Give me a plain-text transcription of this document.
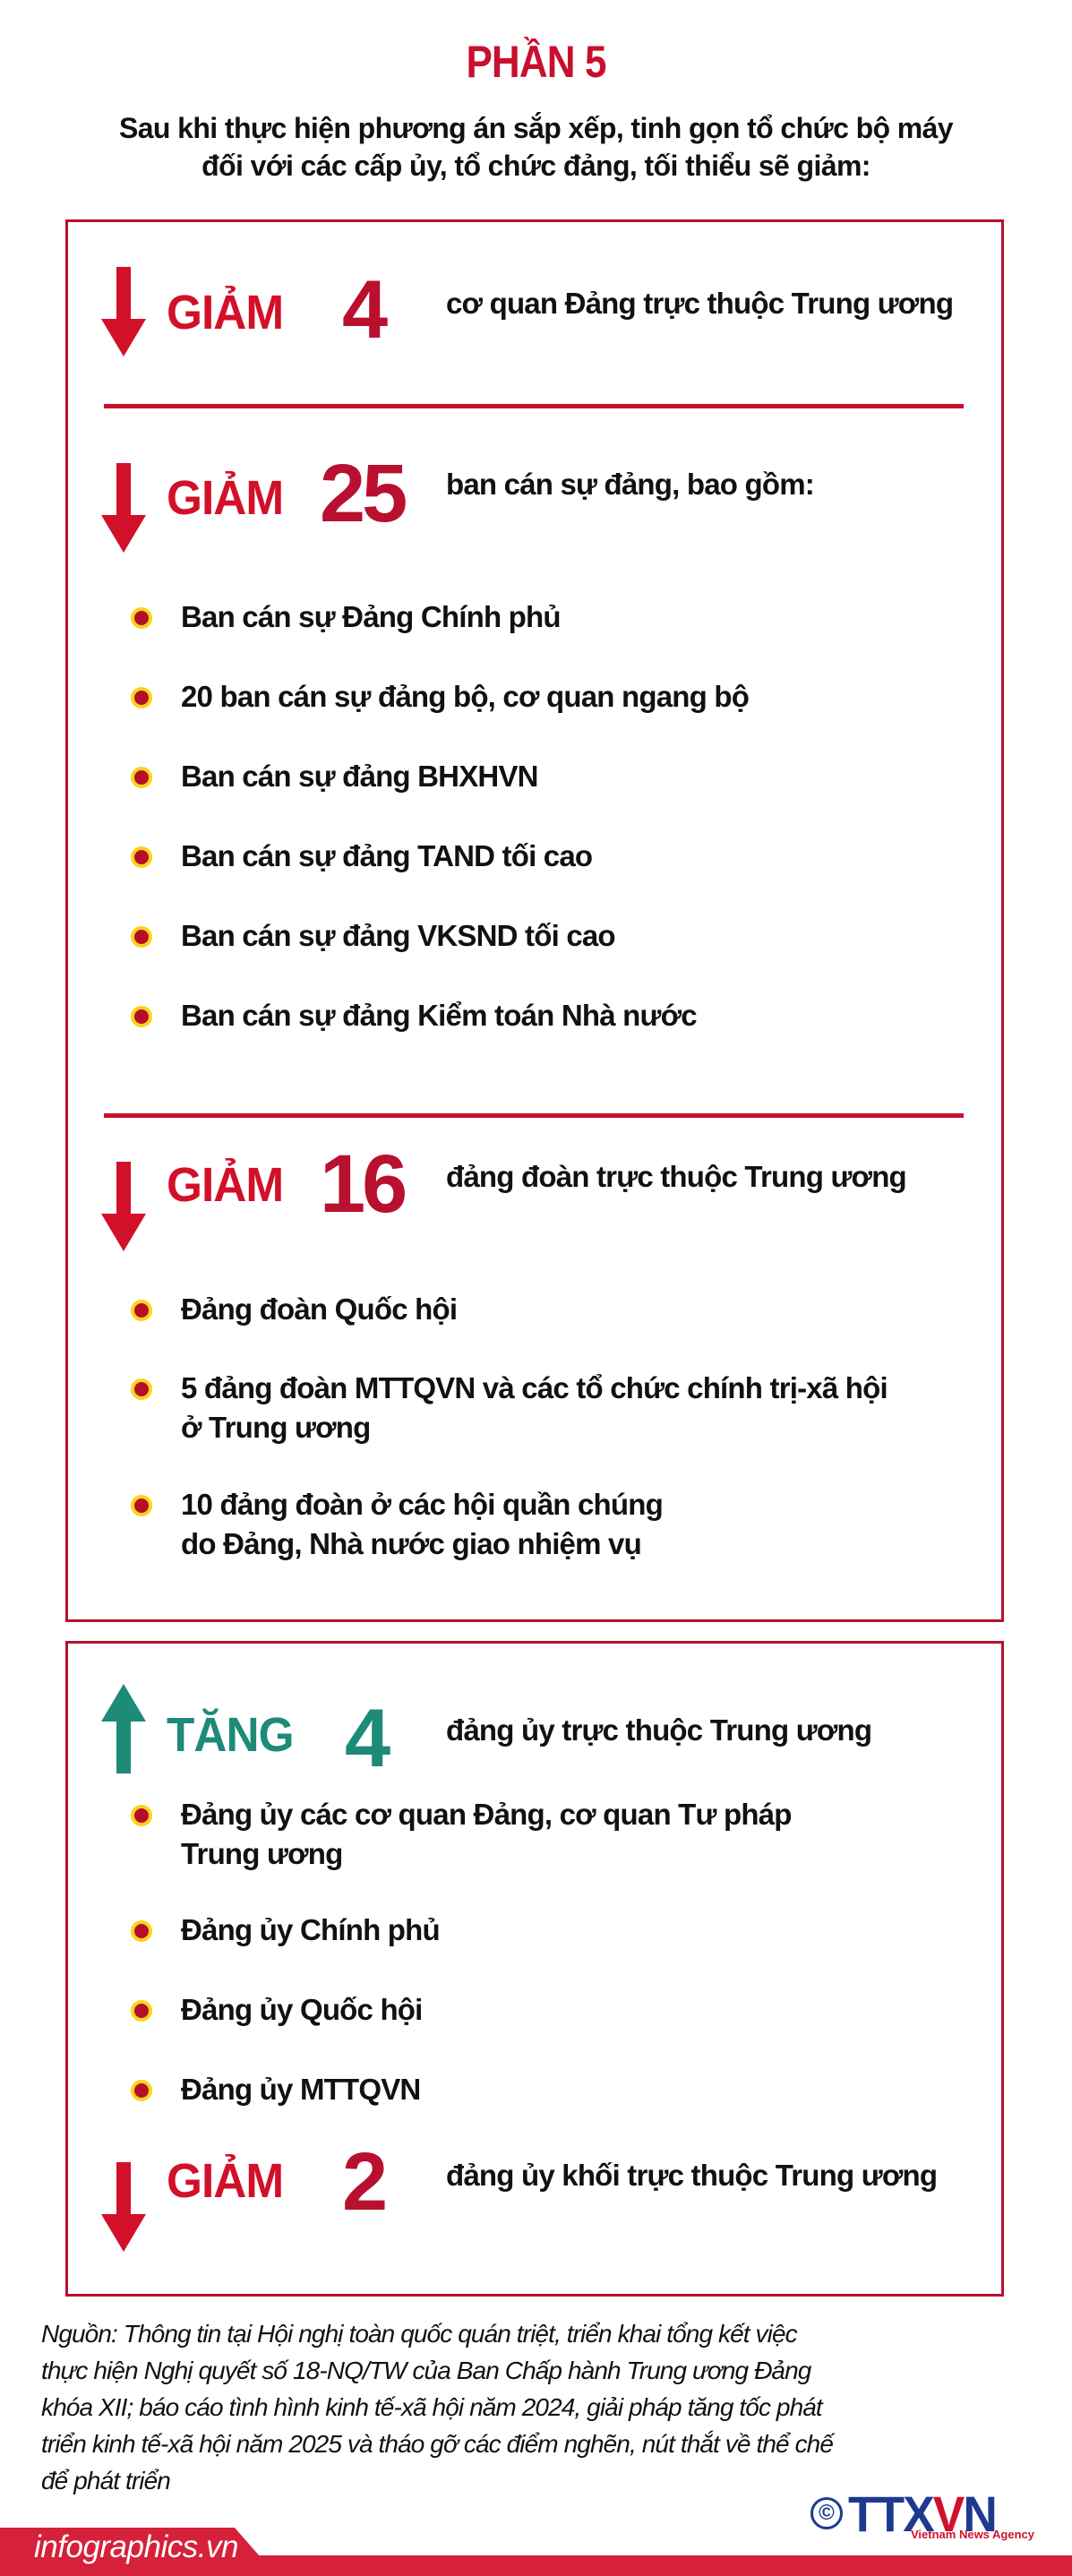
PHẦN 5
Sau khi thực hiện phương án sắp xếp, tinh gọn tổ chức bộ máy
đối với các cấp ủy, tổ chức đảng, tối thiểu sẽ giảm:
GIẢM 4 cơ quan Đảng trực thuộc Trung ương
GIẢM 25 ban cán sự đảng, bao gồm:
Ban cán sự Đảng Chính phủ
20 ban cán sự đảng bộ, cơ quan ngang bộ
Ban cán sự đảng BHXHVN
Ban cán sự đảng TAND tối cao
Ban cán sự đảng VKSND tối cao
Ban cán sự đảng Kiểm toán Nhà nước
GIẢM 16 đảng đoàn trực thuộc Trung ương
Đảng đoàn Quốc hội
5 đảng đoàn MTTQVN và các tổ chức chính trị-xã hội
ở Trung ương
10 đảng đoàn ở các hội quần chúng
do Đảng, Nhà nước giao nhiệm vụ
TĂNG 4 đảng ủy trực thuộc Trung ương
Đảng ủy các cơ quan Đảng, cơ quan Tư pháp
Trung ương
Đảng ủy Chính phủ
Đảng ủy Quốc hội
Đảng ủy MTTQVN
GIẢM 2 đảng ủy khối trực thuộc Trung ương
Nguồn: Thông tin tại Hội nghị toàn quốc quán triệt, triển khai tổng kết việc
thực hiện Nghị quyết số 18-NQ/TW của Ban Chấp hành Trung ương Đảng
khóa XII; báo cáo tình hình kinh tế-xã hội năm 2024, giải pháp tăng tốc phát
triển kinh tế-xã hội năm 2025 và tháo gỡ các điểm nghẽn, nút thắt về thể chế
để phát triển
© TTXVN
Vietnam News Agency
infographics.vn
